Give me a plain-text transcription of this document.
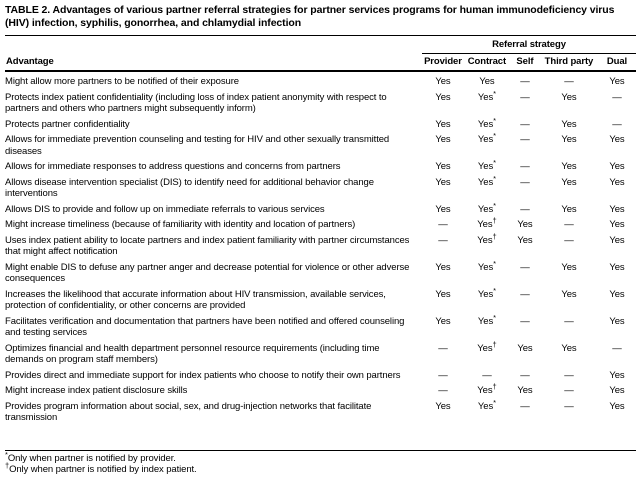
TABLE 2. Advantages of various partner referral strategies for partner services programs for human immunodeficiency virus (HIV) infection, syphilis, gonorrhea, and chlamydial infection
	Referral strategy				
Advantage	Provider	Contract	Self	Third party	Dual
Might allow more partners to be notified of their exposure	Yes	Yes	—	—	Yes
Protects index patient confidentiality (including loss of index patient anonymity with respect to partners and others who partners might subsequently inform)	Yes	Yes*	—	Yes	—
Protects partner confidentiality	Yes	Yes*	—	Yes	—
Allows for immediate prevention counseling and testing for HIV and other sexually transmitted diseases	Yes	Yes*	—	Yes	Yes
Allows for immediate responses to address questions and concerns from partners	Yes	Yes*	—	Yes	Yes
Allows disease intervention specialist (DIS) to identify need for additional behavior change interventions	Yes	Yes*	—	Yes	Yes
Allows DIS to provide and follow up on immediate referrals to various services	Yes	Yes*	—	Yes	Yes
Might increase timeliness (because of familiarity with identity and location of partners)	—	Yes†	Yes	—	Yes
Uses index patient ability to locate partners and index patient familiarity with partner circumstances that might affect notification	—	Yes†	Yes	—	Yes
Might enable DIS to defuse any partner anger and decrease potential for violence or other adverse consequences	Yes	Yes*	—	Yes	Yes
Increases the likelihood that accurate information about HIV transmission, available services, protection of confidentiality, or other concerns are provided	Yes	Yes*	—	Yes	Yes
Facilitates verification and documentation that partners have been notified and offered counseling and testing services	Yes	Yes*	—	—	Yes
Optimizes financial and health department personnel resource requirements (including time demands on program staff members)	—	Yes†	Yes	Yes	—
Provides direct and immediate support for index patients who choose to notify their own partners	—	—	—	—	Yes
Might increase index patient disclosure skills	—	Yes†	Yes	—	Yes
Provides program information about social, sex, and drug-injection networks that facilitate transmission	Yes	Yes*	—	—	Yes
*Only when partner is notified by provider.
†Only when partner is notified by index patient.
